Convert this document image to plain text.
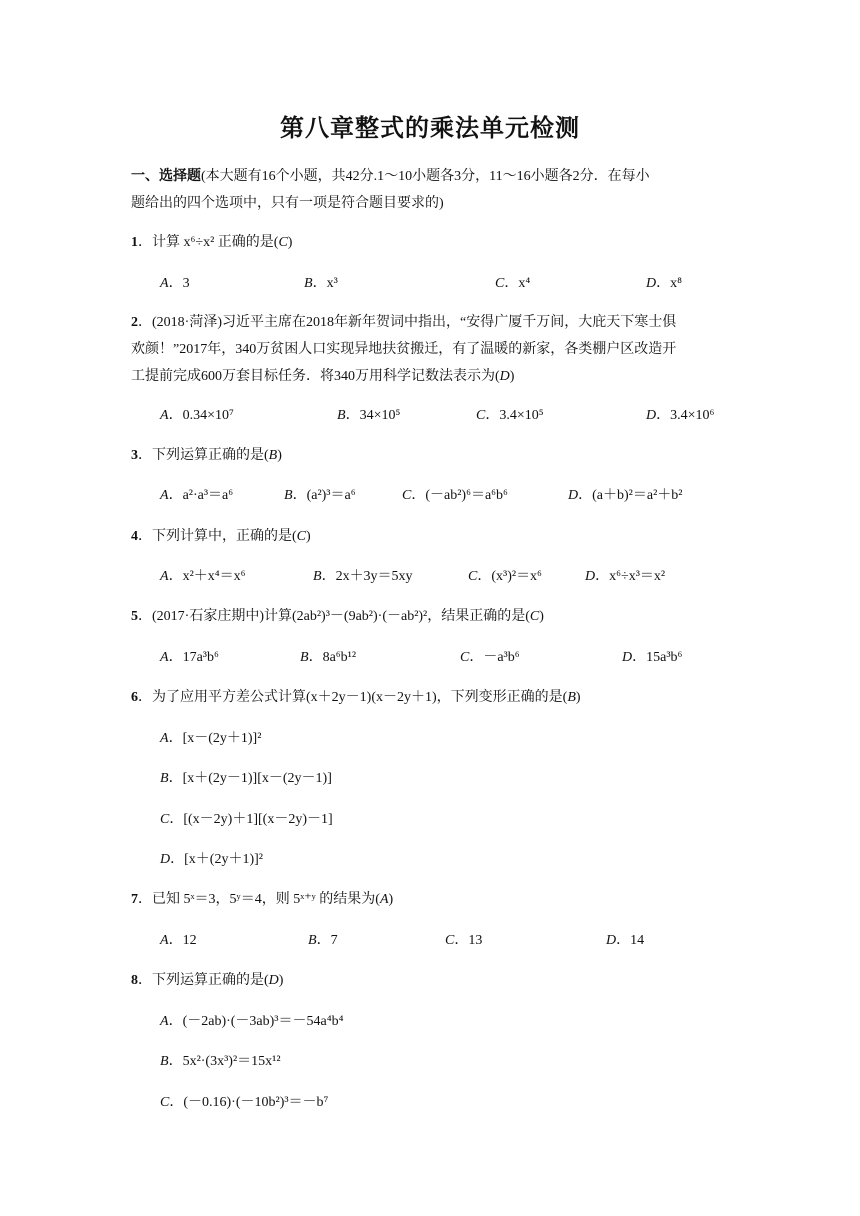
第八章整式的乘法单元检测
一、选择题(本大题有16个小题，共42分.1～10小题各3分，11～16小题各2分．在每小
题给出的四个选项中，只有一项是符合题目要求的)
1．计算 x⁶÷x² 正确的是(C)
A．3	B．x³	C．x⁴	D．x⁸
2．(2018·菏泽)习近平主席在2018年新年贺词中指出，“安得广厦千万间，大庇天下寒士俱
欢颜！”2017年，340万贫困人口实现异地扶贫搬迁，有了温暖的新家，各类棚户区改造开
工提前完成600万套目标任务．将340万用科学记数法表示为(D)
A．0.34×10⁷	B．34×10⁵	C．3.4×10⁵	D．3.4×10⁶
3．下列运算正确的是(B)
A．a²·a³＝a⁶	B．(a²)³＝a⁶	C．(－ab²)⁶＝a⁶b⁶	D．(a＋b)²＝a²＋b²
4．下列计算中，正确的是(C)
A．x²＋x⁴＝x⁶	B．2x＋3y＝5xy	C．(x³)²＝x⁶	D．x⁶÷x³＝x²
5．(2017·石家庄期中)计算(2ab²)³－(9ab²)·(－ab²)²，结果正确的是(C)
A．17a³b⁶	B．8a⁶b¹²	C．－a³b⁶	D．15a³b⁶
6．为了应用平方差公式计算(x＋2y－1)(x－2y＋1)，下列变形正确的是(B)
A．[x－(2y＋1)]²
B．[x＋(2y－1)][x－(2y－1)]
C．[(x－2y)＋1][(x－2y)－1]
D．[x＋(2y＋1)]²
7．已知 5ˣ＝3，5ʸ＝4，则 5ˣ⁺ʸ 的结果为(A)
A．12	B．7	C．13	D．14
8．下列运算正确的是(D)
A．(－2ab)·(－3ab)³＝－54a⁴b⁴
B．5x²·(3x³)²＝15x¹²
C．(－0.16)·(－10b²)³＝－b⁷
